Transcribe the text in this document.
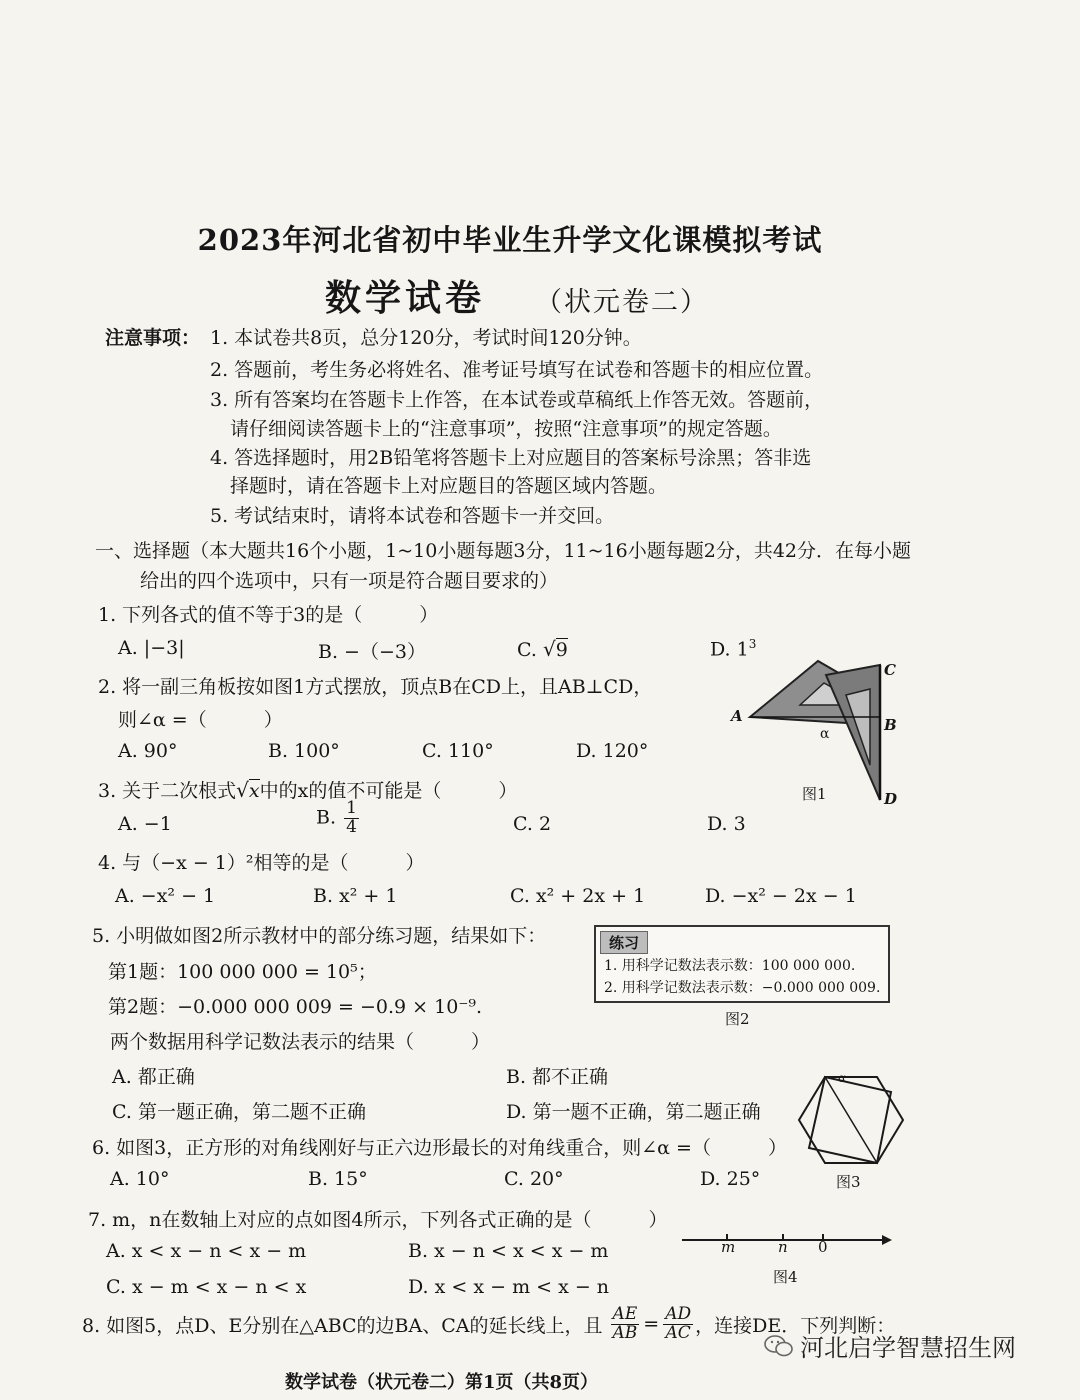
2023年河北省初中毕业生升学文化课模拟考试
数学试卷 （状元卷二）
注意事项： 1. 本试卷共8页，总分120分，考试时间120分钟。
2. 答题前，考生务必将姓名、准考证号填写在试卷和答题卡的相应位置。
3. 所有答案均在答题卡上作答，在本试卷或草稿纸上作答无效。答题前，
请仔细阅读答题卡上的“注意事项”，按照“注意事项”的规定答题。
4. 答选择题时，用2B铅笔将答题卡上对应题目的答案标号涂黑；答非选
择题时，请在答题卡上对应题目的答题区域内答题。
5. 考试结束时，请将本试卷和答题卡一并交回。
一、选择题（本大题共16个小题，1~10小题每题3分，11~16小题每题2分，共42分．在每小题
给出的四个选项中，只有一项是符合题目要求的）
1. 下列各式的值不等于3的是（　　　）
A. |−3|	B. −（−3）	C. √9	D. $1^3$
2. 将一副三角板按如图1方式摆放，顶点B在CD上，且AB⊥CD，
则∠α =（　　　）
A. 90°	B. 100°	C. 110°	D. 120°
A
C
B
D
α
图1
3. 关于二次根式√x中的x的值不可能是（　　　）
A. −1	B. $\frac{1}{4}$	C. 2	D. 3
4. 与（−x − 1）²相等的是（　　　）
A. −x² − 1	B. x² + 1	C. x² + 2x + 1	D. −x² − 2x − 1
5. 小明做如图2所示教材中的部分练习题，结果如下：
第1题：100 000 000 = 10⁵；
第2题：−0.000 000 009 = −0.9 × 10⁻⁹.
两个数据用科学记数法表示的结果（　　　）
A. 都正确	B. 都不正确
C. 第一题正确，第二题不正确	D. 第一题不正确，第二题正确
练习
1. 用科学记数法表示数：100 000 000.
2. 用科学记数法表示数：−0.000 000 009.
图2
α
图3
6. 如图3，正方形的对角线刚好与正六边形最长的对角线重合，则∠α =（　　　）
A. 10°	B. 15°	C. 20°	D. 25°
7. m，n在数轴上对应的点如图4所示，下列各式正确的是（　　　）
A. x < x − n < x − m	B. x − n < x < x − m
C. x − m < x − n < x	D. x < x − m < x − n
m	n 0
图4
8. 如图5，点D、E分别在△ABC的边BA、CA的延长线上，且 $\frac{AE}{AB} = \frac{AD}{AC}$ ，连接DE．下列判断：
河北启学智慧招生网
数学试卷（状元卷二）第1页（共8页）
